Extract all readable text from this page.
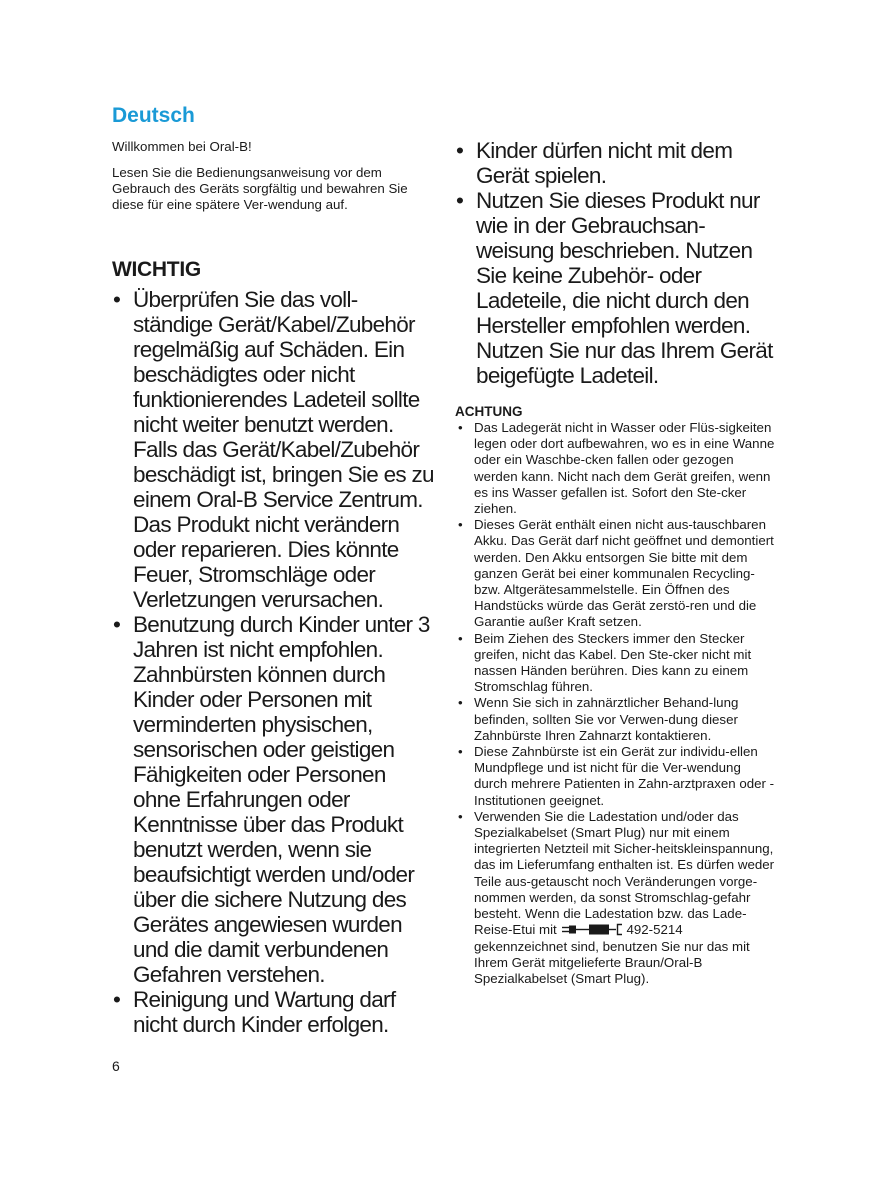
Deutsch

Willkommen bei Oral-B!

Lesen Sie die Bedienungsanweisung vor dem Gebrauch des Geräts sorgfältig und bewahren Sie diese für eine spätere Ver-wendung auf.

WICHTIG
• Überprüfen Sie das voll-ständige Gerät/Kabel/Zubehör regelmäßig auf Schäden. Ein beschädigtes oder nicht funktionierendes Ladeteil sollte nicht weiter benutzt werden. Falls das Gerät/Kabel/Zubehör beschädigt ist, bringen Sie es zu einem Oral-B Service Zentrum. Das Produkt nicht verändern oder reparieren. Dies könnte Feuer, Stromschläge oder Verletzungen verursachen.
• Benutzung durch Kinder unter 3 Jahren ist nicht empfohlen. Zahnbürsten können durch Kinder oder Personen mit verminderten physischen, sensorischen oder geistigen Fähigkeiten oder Personen ohne Erfahrungen oder Kenntnisse über das Produkt benutzt werden, wenn sie beaufsichtigt werden und/oder über die sichere Nutzung des Gerätes angewiesen wurden und die damit verbundenen Gefahren verstehen.
• Reinigung und Wartung darf nicht durch Kinder erfolgen.

6

• Kinder dürfen nicht mit dem Gerät spielen.
• Nutzen Sie dieses Produkt nur wie in der Gebrauchsan-weisung beschrieben. Nutzen Sie keine Zubehör- oder Ladeteile, die nicht durch den Hersteller empfohlen werden. Nutzen Sie nur das Ihrem Gerät beigefügte Ladeteil.
ACHTUNG
• Das Ladegerät nicht in Wasser oder Flüs-sigkeiten legen oder dort aufbewahren, wo es in eine Wanne oder ein Waschbe-cken fallen oder gezogen werden kann. Nicht nach dem Gerät greifen, wenn es ins Wasser gefallen ist. Sofort den Ste-cker ziehen.
• Dieses Gerät enthält einen nicht aus-tauschbaren Akku. Das Gerät darf nicht geöffnet und demontiert werden. Den Akku entsorgen Sie bitte mit dem ganzen Gerät bei einer kommunalen Recycling- bzw. Altgerätesammelstelle. Ein Öffnen des Handstücks würde das Gerät zerstö-ren und die Garantie außer Kraft setzen.
• Beim Ziehen des Steckers immer den Stecker greifen, nicht das Kabel. Den Ste-cker nicht mit nassen Händen berühren. Dies kann zu einem Stromschlag führen.
• Wenn Sie sich in zahnärztlicher Behand-lung befinden, sollten Sie vor Verwen-dung dieser Zahnbürste Ihren Zahnarzt kontaktieren.
• Diese Zahnbürste ist ein Gerät zur individu-ellen Mundpflege und ist nicht für die Ver-wendung durch mehrere Patienten in Zahn-arztpraxen oder -Institutionen geeignet.
• Verwenden Sie die Ladestation und/oder das Spezialkabelset (Smart Plug) nur mit einem integrierten Netzteil mit Sicher-heitskleinspannung, das im Lieferumfang enthalten ist. Es dürfen weder Teile aus-getauscht noch Veränderungen vorge-nommen werden, da sonst Stromschlag-gefahr besteht. Wenn die Ladestation bzw. das Lade-Reise-Etui mit	492-5214 gekennzeichnet sind, benutzen Sie nur das mit Ihrem Gerät mitgelieferte Braun/Oral-B Spezialkabelset (Smart Plug).
